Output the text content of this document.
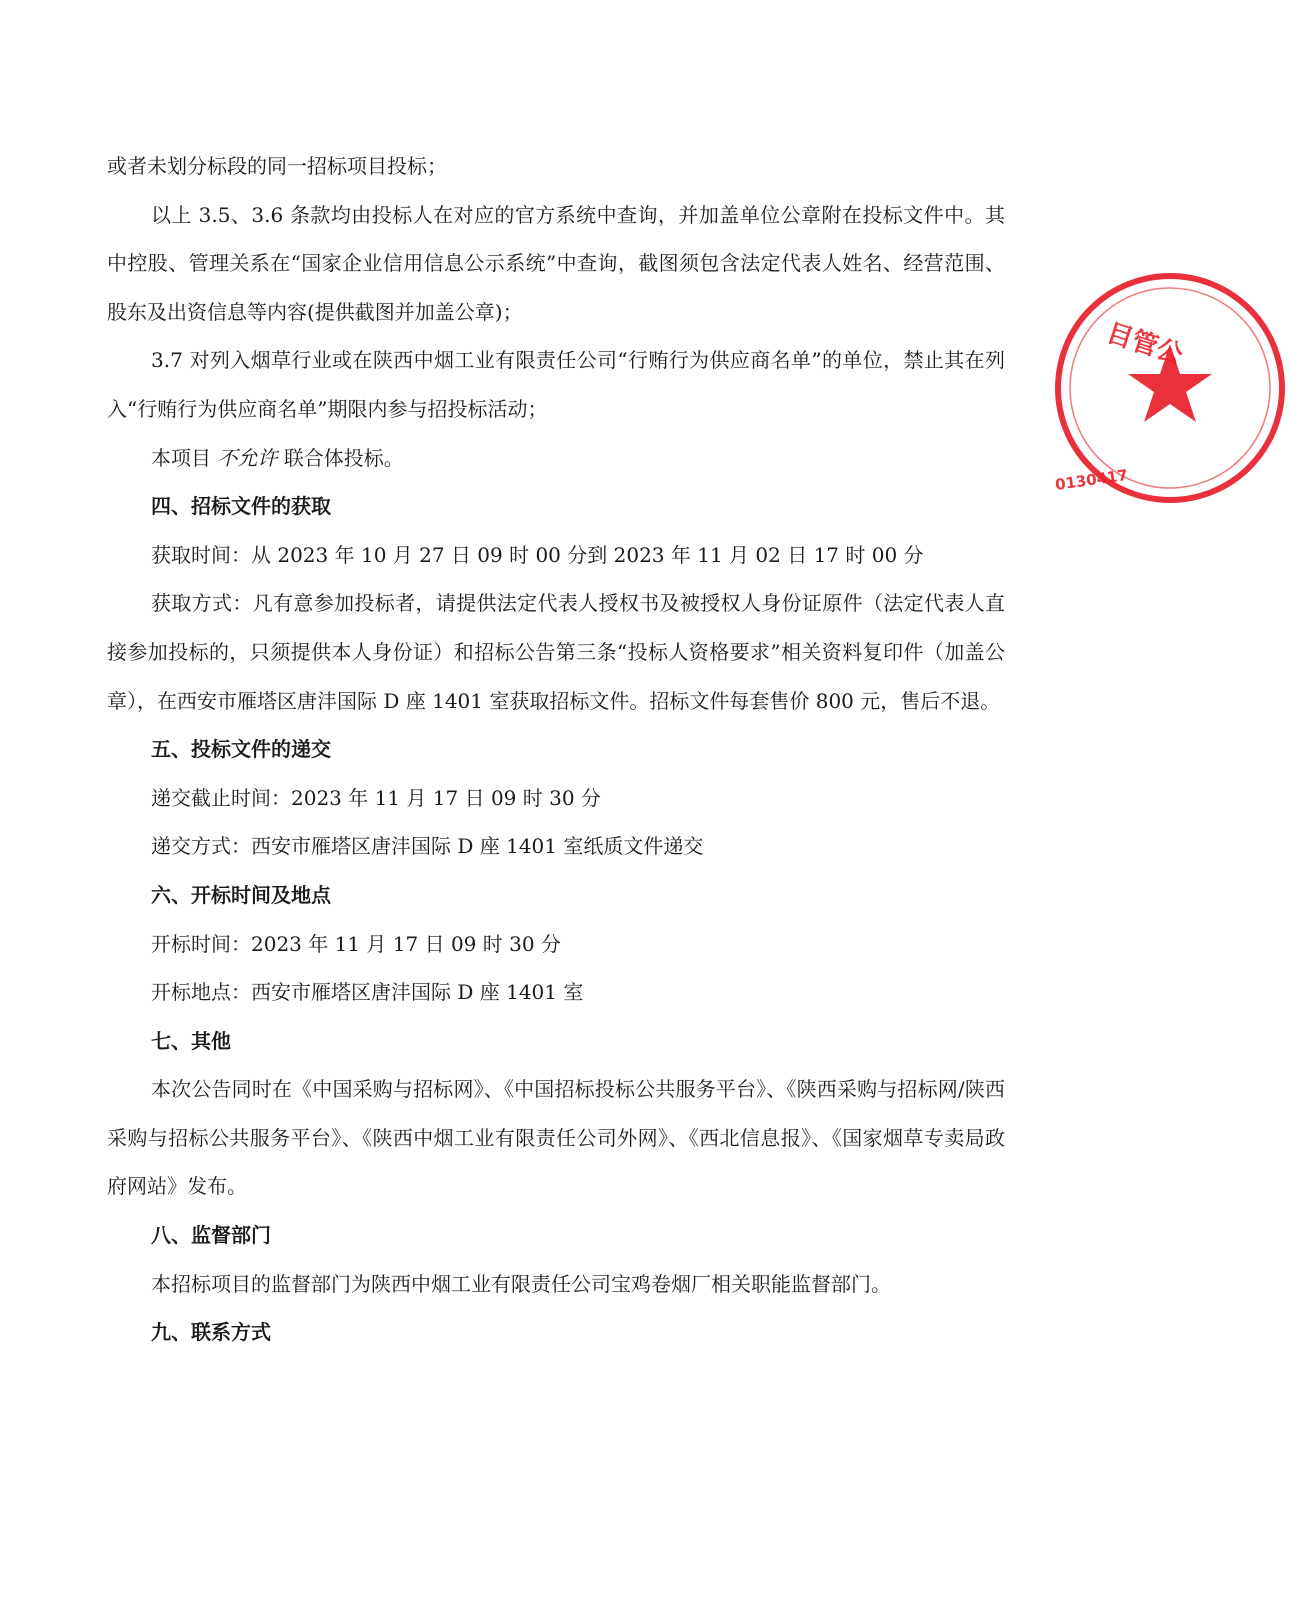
或者未划分标段的同一招标项目投标；

以上 3.5、3.6 条款均由投标人在对应的官方系统中查询，并加盖单位公章附在投标文件中。其中控股、管理关系在“国家企业信用信息公示系统”中查询，截图须包含法定代表人姓名、经营范围、股东及出资信息等内容(提供截图并加盖公章)；

3.7 对列入烟草行业或在陕西中烟工业有限责任公司“行贿行为供应商名单”的单位，禁止其在列入“行贿行为供应商名单”期限内参与招投标活动；

本项目 不允许 联合体投标。

四、招标文件的获取

获取时间：从 2023 年 10 月 27 日 09 时 00 分到 2023 年 11 月 02 日 17 时 00 分

获取方式：凡有意参加投标者，请提供法定代表人授权书及被授权人身份证原件（法定代表人直接参加投标的，只须提供本人身份证）和招标公告第三条“投标人资格要求”相关资料复印件（加盖公章），在西安市雁塔区唐沣国际 D 座 1401 室获取招标文件。招标文件每套售价 800 元，售后不退。

五、投标文件的递交

递交截止时间：2023 年 11 月 17 日 09 时 30 分

递交方式：西安市雁塔区唐沣国际 D 座 1401 室纸质文件递交

六、开标时间及地点

开标时间：2023 年 11 月 17 日 09 时 30 分

开标地点：西安市雁塔区唐沣国际 D 座 1401 室

七、其他

本次公告同时在《中国采购与招标网》、《中国招标投标公共服务平台》、《陕西采购与招标网/陕西采购与招标公共服务平台》、《陕西中烟工业有限责任公司外网》、《西北信息报》、《国家烟草专卖局政府网站》发布。

八、监督部门

本招标项目的监督部门为陕西中烟工业有限责任公司宝鸡卷烟厂相关职能监督部门。

九、联系方式

目管公
0130417
